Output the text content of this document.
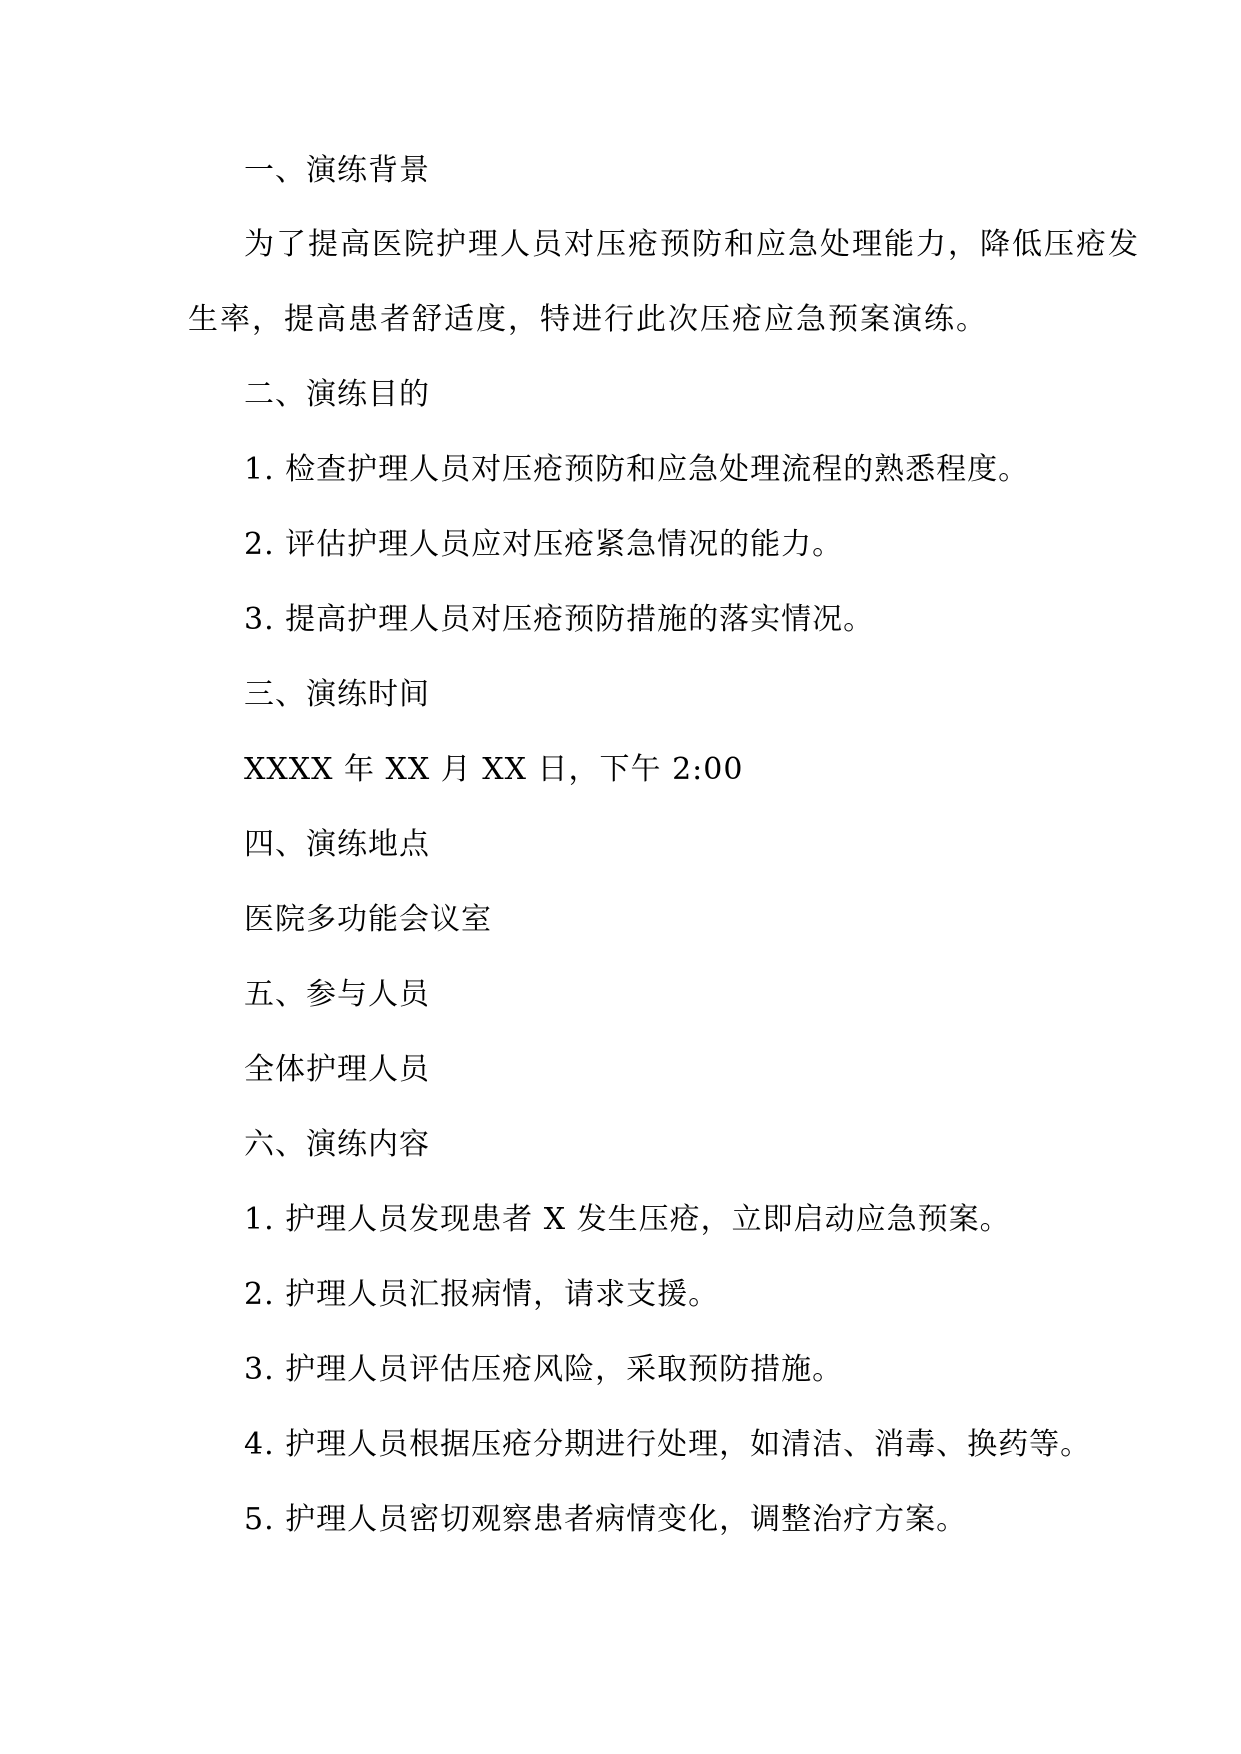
一、演练背景
为了提高医院护理人员对压疮预防和应急处理能力，降低压疮发
生率，提高患者舒适度，特进行此次压疮应急预案演练。
二、演练目的
1. 检查护理人员对压疮预防和应急处理流程的熟悉程度。
2. 评估护理人员应对压疮紧急情况的能力。
3. 提高护理人员对压疮预防措施的落实情况。
三、演练时间
XXXX 年 XX 月 XX 日，下午 2:00
四、演练地点
医院多功能会议室
五、参与人员
全体护理人员
六、演练内容
1. 护理人员发现患者 X 发生压疮，立即启动应急预案。
2. 护理人员汇报病情，请求支援。
3. 护理人员评估压疮风险，采取预防措施。
4. 护理人员根据压疮分期进行处理，如清洁、消毒、换药等。
5. 护理人员密切观察患者病情变化，调整治疗方案。
